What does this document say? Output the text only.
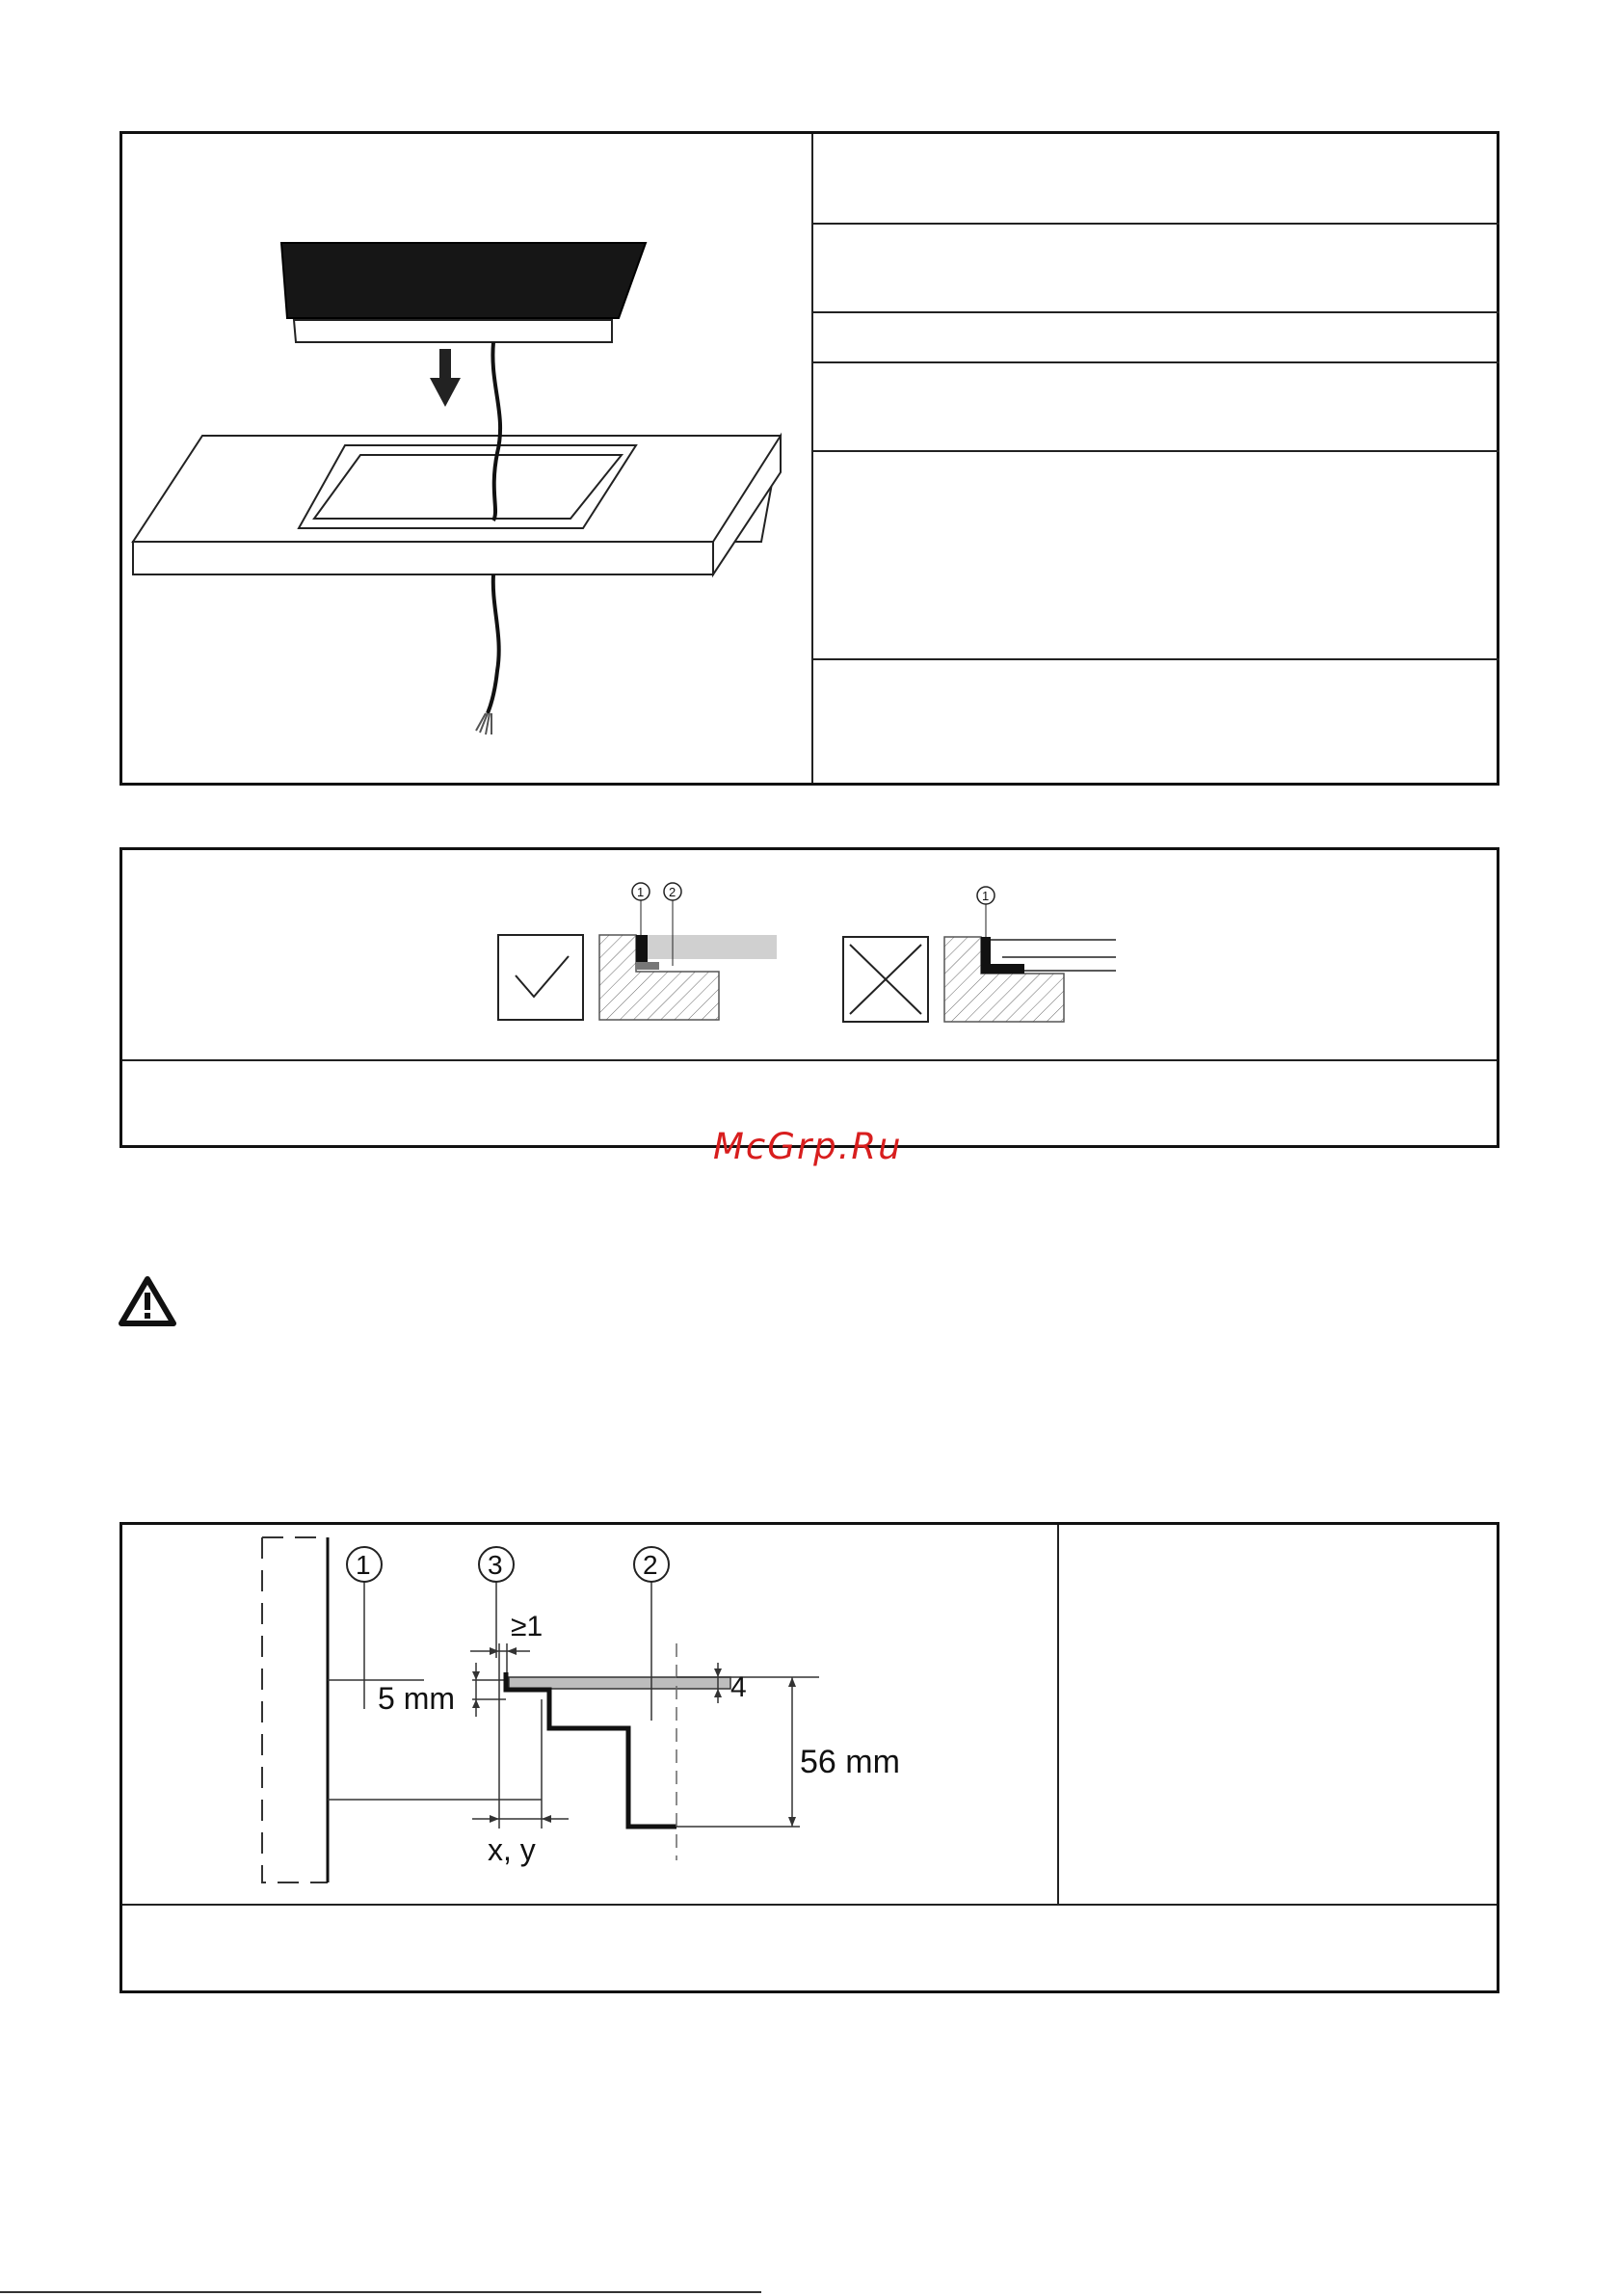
1 2	1
McGrp.Ru
1	3	2
≥1
4
5 mm
56 mm
x, y
